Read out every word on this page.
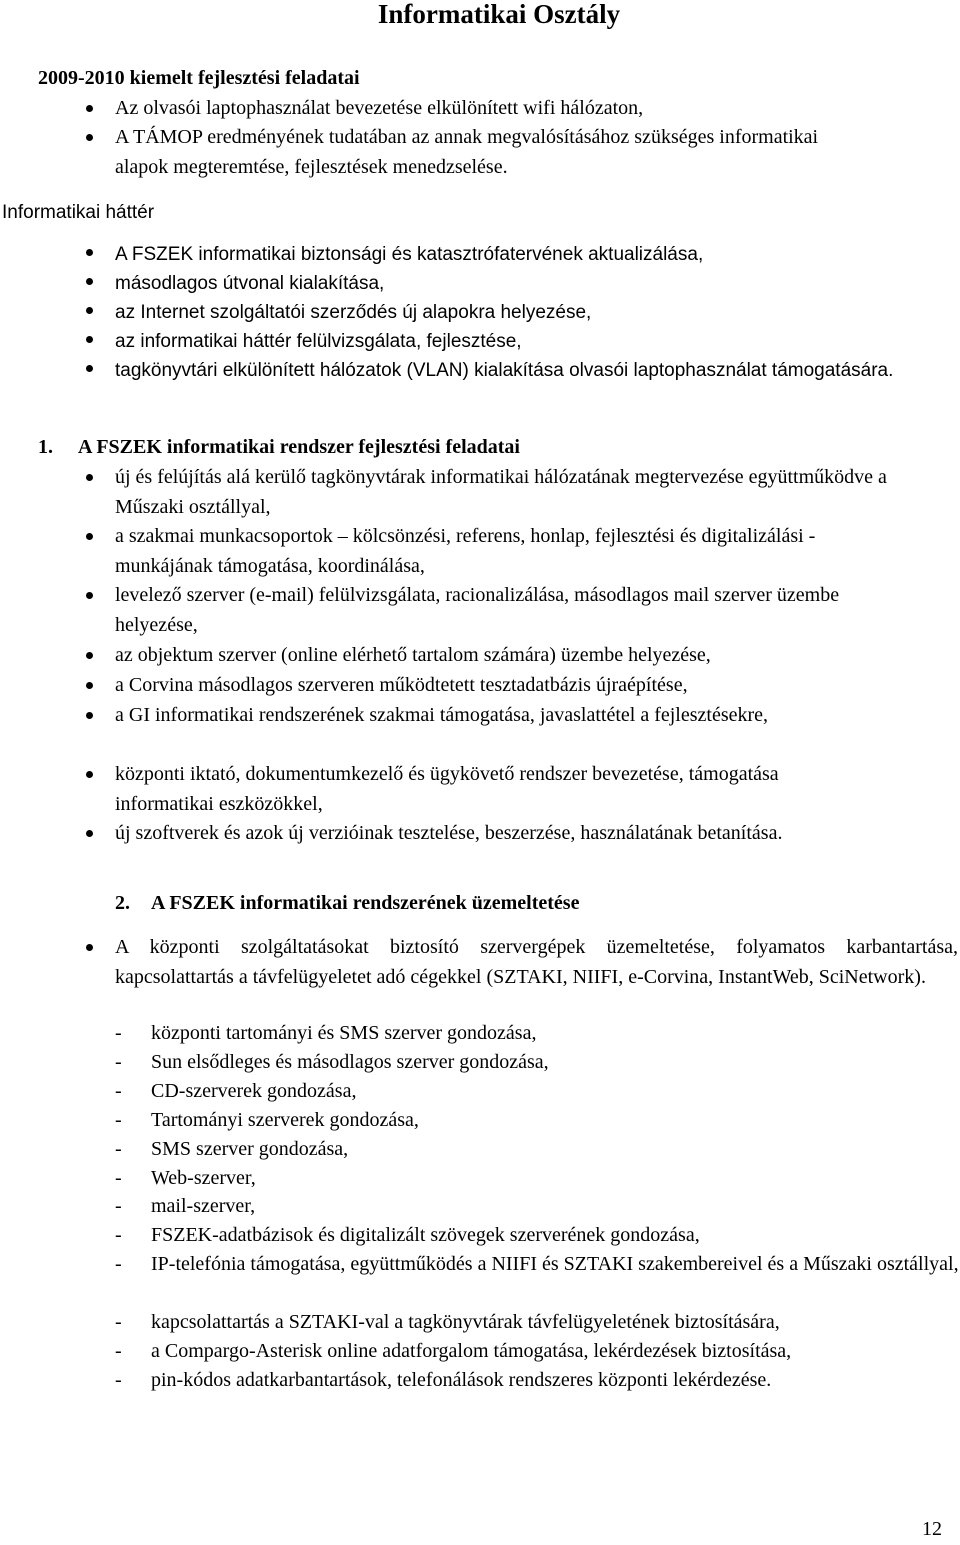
Informatikai Osztály
2009-2010 kiemelt fejlesztési feladatai
Az olvasói laptophasználat bevezetése elkülönített wifi hálózaton,
A TÁMOP eredményének tudatában az annak megvalósításához szükséges informatikai alapok megteremtése, fejlesztések menedzselése.
Informatikai háttér
A FSZEK informatikai biztonsági és katasztrófatervének aktualizálása,
másodlagos útvonal kialakítása,
az Internet szolgáltatói szerződés új alapokra helyezése,
az informatikai háttér felülvizsgálata, fejlesztése,
tagkönyvtári elkülönített hálózatok (VLAN) kialakítása olvasói laptophasználat támogatására.
1. A FSZEK informatikai rendszer fejlesztési feladatai
új és felújítás alá kerülő tagkönyvtárak informatikai hálózatának megtervezése együttműködve a Műszaki osztállyal,
a szakmai munkacsoportok – kölcsönzési, referens, honlap, fejlesztési és digitalizálási - munkájának támogatása, koordinálása,
levelező szerver (e-mail) felülvizsgálata, racionalizálása, másodlagos mail szerver üzembe helyezése,
az objektum szerver (online elérhető tartalom számára) üzembe helyezése,
a Corvina másodlagos szerveren működtetett tesztadatbázis újraépítése,
a GI informatikai rendszerének szakmai támogatása, javaslattétel a fejlesztésekre,
központi iktató, dokumentumkezelő és ügykövető rendszer bevezetése, támogatása informatikai eszközökkel,
új szoftverek és azok új verzióinak tesztelése, beszerzése, használatának betanítása.
2. A FSZEK informatikai rendszerének üzemeltetése
A központi szolgáltatásokat biztosító szervergépek üzemeltetése, folyamatos karbantartása, kapcsolattartás a távfelügyeletet adó cégekkel (SZTAKI, NIIFI, e-Corvina, InstantWeb, SciNetwork).
- központi tartományi és SMS szerver gondozása,
- Sun elsődleges és másodlagos szerver gondozása,
- CD-szerverek gondozása,
- Tartományi szerverek gondozása,
- SMS szerver gondozása,
- Web-szerver,
- mail-szerver,
- FSZEK-adatbázisok és digitalizált szövegek szerverének gondozása,
- IP-telefónia támogatása, együttműködés a NIIFI és SZTAKI szakembereivel és a Műszaki osztállyal,
- kapcsolattartás a SZTAKI-val a tagkönyvtárak távfelügyeletének biztosítására,
- a Compargo-Asterisk online adatforgalom támogatása, lekérdezések biztosítása,
- pin-kódos adatkarbantartások, telefonálások rendszeres központi lekérdezése.
12
